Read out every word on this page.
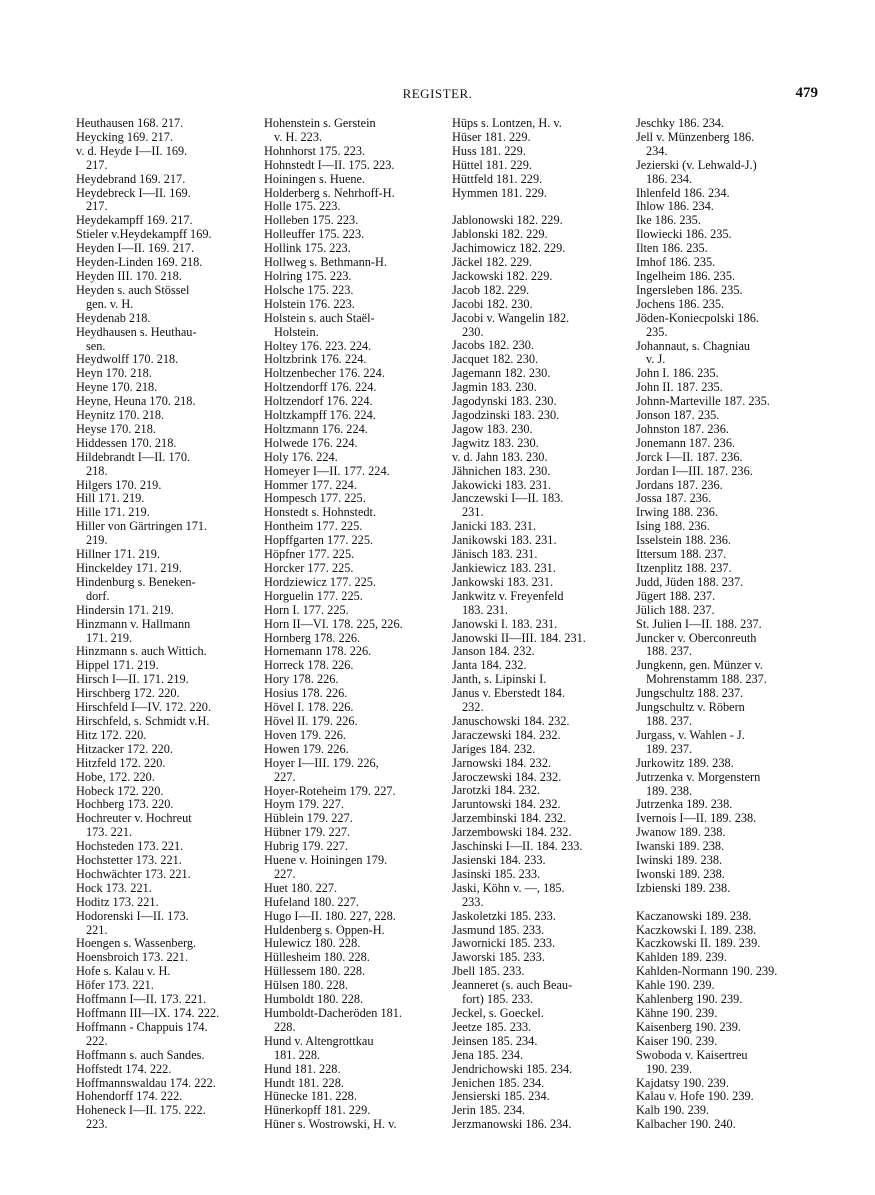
REGISTER.	479
Heuthausen 168. 217.
Heycking 169. 217.
v. d. Heyde I—II. 169.
217.
Heydebrand 169. 217.
Heydebreck I—II. 169.
217.
Heydekampff 169. 217.
Stieler v.Heydekampff 169.
Heyden I—II. 169. 217.
Heyden-Linden 169. 218.
Heyden III. 170. 218.
Heyden s. auch Stössel
gen. v. H.
Heydenab 218.
Heydhausen s. Heuthau-
sen.
Heydwolff 170. 218.
Heyn 170. 218.
Heyne 170. 218.
Heyne, Heuna 170. 218.
Heynitz 170. 218.
Heyse 170. 218.
Hiddessen 170. 218.
Hildebrandt I—II. 170.
218.
Hilgers 170. 219.
Hill 171. 219.
Hille 171. 219.
Hiller von Gärtringen 171.
219.
Hillner 171. 219.
Hinckeldey 171. 219.
Hindenburg s. Beneken-
dorf.
Hindersin 171. 219.
Hinzmann v. Hallmann
171. 219.
Hinzmann s. auch Wittich.
Hippel 171. 219.
Hirsch I—II. 171. 219.
Hirschberg 172. 220.
Hirschfeld I—IV. 172. 220.
Hirschfeld, s. Schmidt v.H.
Hitz 172. 220.
Hitzacker 172. 220.
Hitzfeld 172. 220.
Hobe, 172. 220.
Hobeck 172. 220.
Hochberg 173. 220.
Hochreuter v. Hochreut
173. 221.
Hochsteden 173. 221.
Hochstetter 173. 221.
Hochwächter 173. 221.
Hock 173. 221.
Hoditz 173. 221.
Hodorenski I—II. 173.
221.
Hoengen s. Wassenberg.
Hoensbroich 173. 221.
Hofe s. Kalau v. H.
Höfer 173. 221.
Hoffmann I—II. 173. 221.
Hoffmann III—IX. 174. 222.
Hoffmann - Chappuis 174.
222.
Hoffmann s. auch Sandes.
Hoffstedt 174. 222.
Hoffmannswaldau 174. 222.
Hohendorff 174. 222.
Hoheneck I—II. 175. 222.
223.
Hohenstein s. Gerstein
v. H. 223.
Hohnhorst 175. 223.
Hohnstedt I—II. 175. 223.
Hoiningen s. Huene.
Holderberg s. Nehrhoff-H.
Holle 175. 223.
Holleben 175. 223.
Holleuffer 175. 223.
Hollink 175. 223.
Hollweg s. Bethmann-H.
Holring 175. 223.
Holsche 175. 223.
Holstein 176. 223.
Holstein s. auch Staël-
Holstein.
Holtey 176. 223. 224.
Holtzbrink 176. 224.
Holtzenbecher 176. 224.
Holtzendorff 176. 224.
Holtzendorf 176. 224.
Holtzkampff 176. 224.
Holtzmann 176. 224.
Holwede 176. 224.
Holy 176. 224.
Homeyer I—II. 177. 224.
Hommer 177. 224.
Hompesch 177. 225.
Honstedt s. Hohnstedt.
Hontheim 177. 225.
Hopffgarten 177. 225.
Höpfner 177. 225.
Horcker 177. 225.
Hordziewicz 177. 225.
Horguelin 177. 225.
Horn I. 177. 225.
Horn II—VI. 178. 225, 226.
Hornberg 178. 226.
Hornemann 178. 226.
Horreck 178. 226.
Hory 178. 226.
Hosius 178. 226.
Hövel I. 178. 226.
Hövel II. 179. 226.
Hoven 179. 226.
Howen 179. 226.
Hoyer I—III. 179. 226,
227.
Hoyer-Roteheim 179. 227.
Hoym 179. 227.
Hüblein 179. 227.
Hübner 179. 227.
Hubrig 179. 227.
Huene v. Hoiningen 179.
227.
Huet 180. 227.
Hufeland 180. 227.
Hugo I—II. 180. 227, 228.
Huldenberg s. Oppen-H.
Hulewicz 180. 228.
Hüllesheim 180. 228.
Hüllessem 180. 228.
Hülsen 180. 228.
Humboldt 180. 228.
Humboldt-Dacheröden 181.
228.
Hund v. Altengrottkau
181. 228.
Hund 181. 228.
Hundt 181. 228.
Hünecke 181. 228.
Hünerkopff 181. 229.
Hüner s. Wostrowski, H. v.
Hüps s. Lontzen, H. v.
Hüser 181. 229.
Huss 181. 229.
Hüttel 181. 229.
Hüttfeld 181. 229.
Hymmen 181. 229.
Jablonowski 182. 229.
Jablonski 182. 229.
Jachimowicz 182. 229.
Jäckel 182. 229.
Jackowski 182. 229.
Jacob 182. 229.
Jacobi 182. 230.
Jacobi v. Wangelin 182.
230.
Jacobs 182. 230.
Jacquet 182. 230.
Jagemann 182. 230.
Jagmin 183. 230.
Jagodynski 183. 230.
Jagodzinski 183. 230.
Jagow 183. 230.
Jagwitz 183. 230.
v. d. Jahn 183. 230.
Jähnichen 183. 230.
Jakowicki 183. 231.
Janczewski I—II. 183.
231.
Janicki 183. 231.
Janikowski 183. 231.
Jänisch 183. 231.
Jankiewicz 183. 231.
Jankowski 183. 231.
Jankwitz v. Freyenfeld
183. 231.
Janowski I. 183. 231.
Janowski II—III. 184. 231.
Janson 184. 232.
Janta 184. 232.
Janth, s. Lipinski I.
Janus v. Eberstedt 184.
232.
Januschowski 184. 232.
Jaraczewski 184. 232.
Jariges 184. 232.
Jarnowski 184. 232.
Jaroczewski 184. 232.
Jarotzki 184. 232.
Jaruntowski 184. 232.
Jarzembinski 184. 232.
Jarzembowski 184. 232.
Jaschinski I—II. 184. 233.
Jasienski 184. 233.
Jasinski 185. 233.
Jaski, Köhn v. —, 185.
233.
Jaskoletzki 185. 233.
Jasmund 185. 233.
Jawornicki 185. 233.
Jaworski 185. 233.
Jbell 185. 233.
Jeanneret (s. auch Beau-
fort) 185. 233.
Jeckel, s. Goeckel.
Jeetze 185. 233.
Jeinsen 185. 234.
Jena 185. 234.
Jendrichowski 185. 234.
Jenichen 185. 234.
Jensierski 185. 234.
Jerin 185. 234.
Jerzmanowski 186. 234.
Jeschky 186. 234.
Jell v. Münzenberg 186.
234.
Jezierski (v. Lehwald-J.)
186. 234.
Ihlenfeld 186. 234.
Ihlow 186. 234.
Ike 186. 235.
Ilowiecki 186. 235.
Ilten 186. 235.
Imhof 186. 235.
Ingelheim 186. 235.
Ingersleben 186. 235.
Jochens 186. 235.
Jöden-Koniecpolski 186.
235.
Johannaut, s. Chagniau
v. J.
John I. 186. 235.
John II. 187. 235.
Johnn-Marteville 187. 235.
Jonson 187. 235.
Johnston 187. 236.
Jonemann 187. 236.
Jorck I—II. 187. 236.
Jordan I—III. 187. 236.
Jordans 187. 236.
Jossa 187. 236.
Irwing 188. 236.
Ising 188. 236.
Isselstein 188. 236.
Ittersum 188. 237.
Itzenplitz 188. 237.
Judd, Jüden 188. 237.
Jügert 188. 237.
Jülich 188. 237.
St. Julien I—II. 188. 237.
Juncker v. Oberconreuth
188. 237.
Jungkenn, gen. Münzer v.
Mohrenstamm 188. 237.
Jungschultz 188. 237.
Jungschultz v. Röbern
188. 237.
Jurgass, v. Wahlen - J.
189. 237.
Jurkowitz 189. 238.
Jutrzenka v. Morgenstern
189. 238.
Jutrzenka 189. 238.
Ivernois I—II. 189. 238.
Jwanow 189. 238.
Iwanski 189. 238.
Iwinski 189. 238.
Iwonski 189. 238.
Izbienski 189. 238.
Kaczanowski 189. 238.
Kaczkowski I. 189. 238.
Kaczkowski II. 189. 239.
Kahlden 189. 239.
Kahlden-Normann 190. 239.
Kahle 190. 239.
Kahlenberg 190. 239.
Kähne 190. 239.
Kaisenberg 190. 239.
Kaiser 190. 239.
Swoboda v. Kaisertreu
190. 239.
Kajdatsy 190. 239.
Kalau v. Hofe 190. 239.
Kalb 190. 239.
Kalbacher 190. 240.
